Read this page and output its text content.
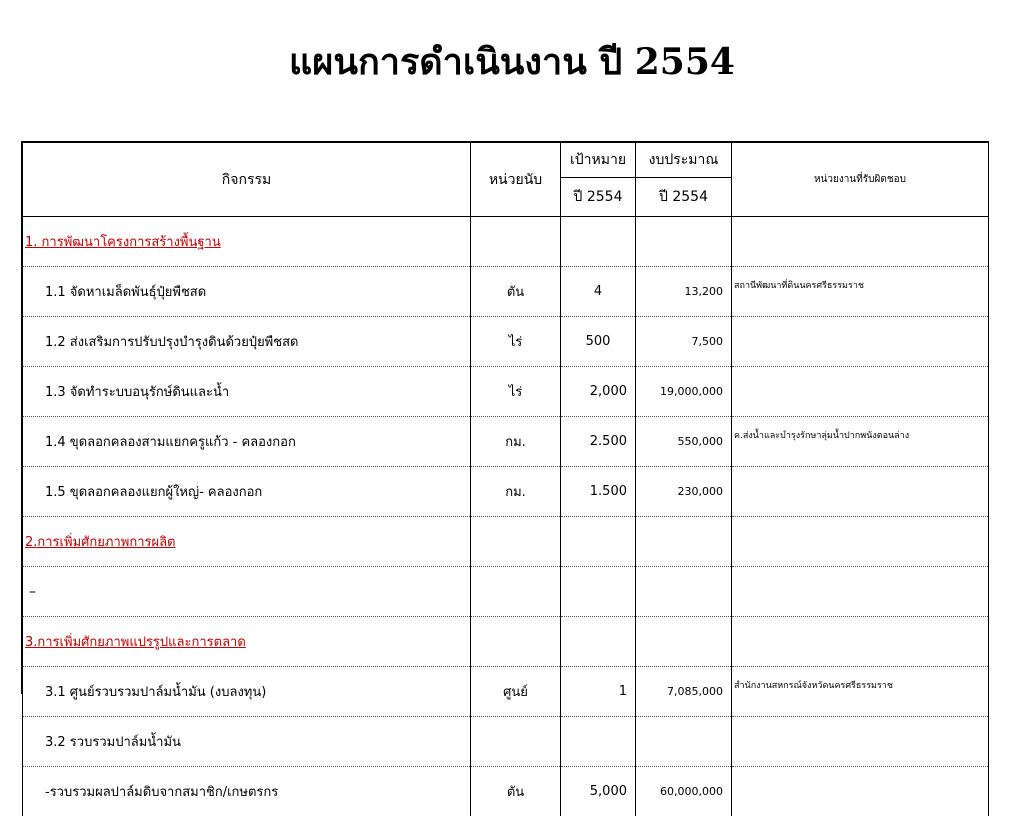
แผนการดำเนินงาน ปี 2554
กิจกรรม	หน่วยนับ	เป้าหมาย	งบประมาณ	หน่วยงานที่รับผิดชอบ
		ปี 2554	ปี 2554	
1. การพัฒนาโครงการสร้างพื้นฐาน				
1.1 จัดหาเมล็ดพันธุ์ปุ๋ยพืชสด	ตัน	4	13,200	สถานีพัฒนาที่ดินนครศรีธรรมราช
1.2 ส่งเสริมการปรับปรุงบำรุงดินด้วยปุ๋ยพืชสด	ไร่	500	7,500	
1.3 จัดทำระบบอนุรักษ์ดินและน้ำ	ไร่	2,000	19,000,000	
1.4 ขุดลอกคลองสามแยกครูแก้ว - คลองกอก	กม.	2.500	550,000	ค.ส่งน้ำและบำรุงรักษาลุ่มน้ำปากพนังตอนล่าง
1.5 ขุดลอกคลองแยกผู้ใหญ่- คลองกอก	กม.	1.500	230,000	
2.การเพิ่มศักยภาพการผลิต				
–				
3.การเพิ่มศักยภาพแปรรูปและการตลาด				
3.1 ศูนย์รวบรวมปาล์มน้ำมัน (งบลงทุน)	ศูนย์	1	7,085,000	สำนักงานสหกรณ์จังหวัดนครศรีธรรมราช
3.2 รวบรวมปาล์มน้ำมัน				
-รวบรวมผลปาล์มดิบจากสมาชิก/เกษตรกร	ตัน	5,000	60,000,000	
